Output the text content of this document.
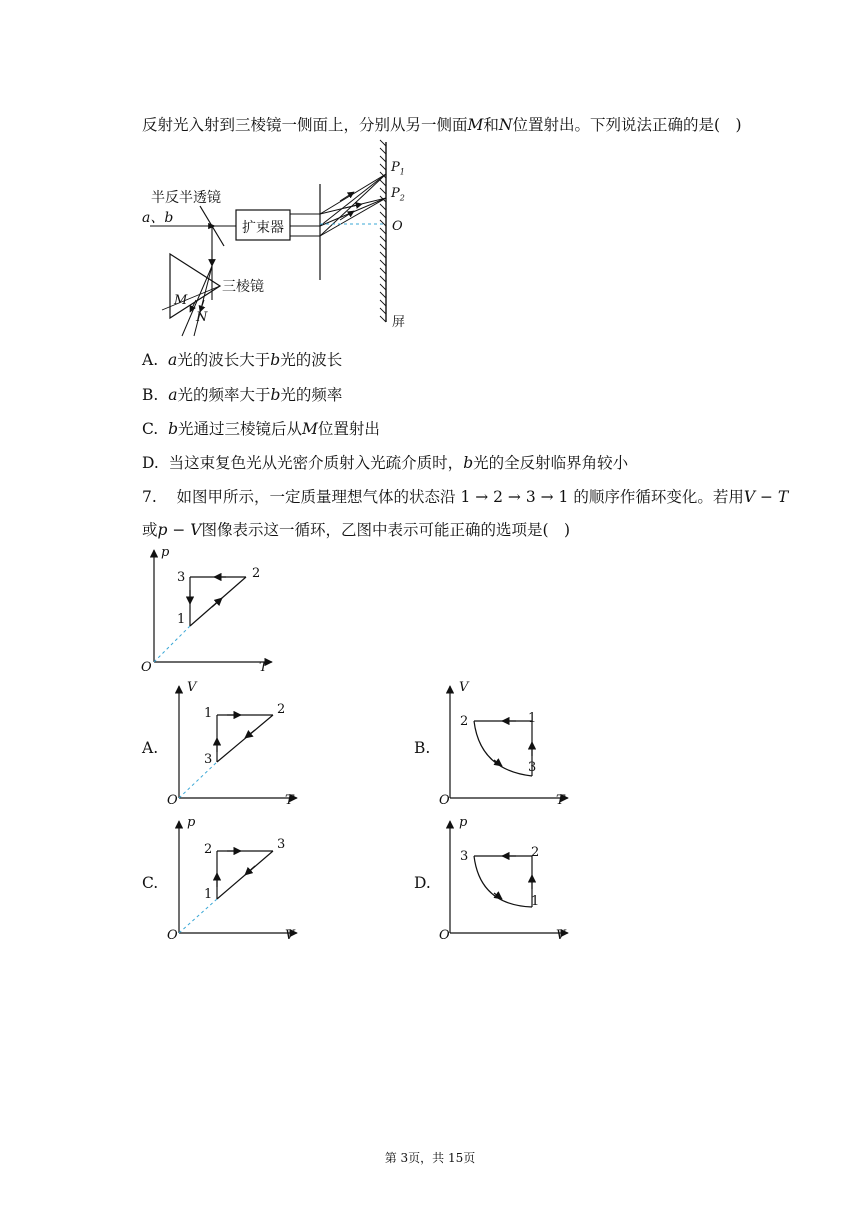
反射光入射到三棱镜一侧面上，分别从另一侧面M和N位置射出。下列说法正确的是(　)
半反半透镜
a、b
扩束器
三棱镜
M
N
$P_1$
$P_2$
O
屏
A. a光的波长大于b光的波长
B. a光的频率大于b光的频率
C. b光通过三棱镜后从M位置射出
D. 当这束复色光从光密介质射入光疏介质时，b光的全反射临界角较小
7. 如图甲所示，一定质量理想气体的状态沿 1 → 2 → 3 → 1 的顺序作循环变化。若用V − T
或p − V图像表示这一循环，乙图中表示可能正确的选项是(　)
p
T
O
1
2
3
A.
V
T
O
1	2
3
B.
V
T
O
2	1
3
C.
p
V
O
2	3
1
D.
p
V
O
3	2
1
第 3页，共 15页
